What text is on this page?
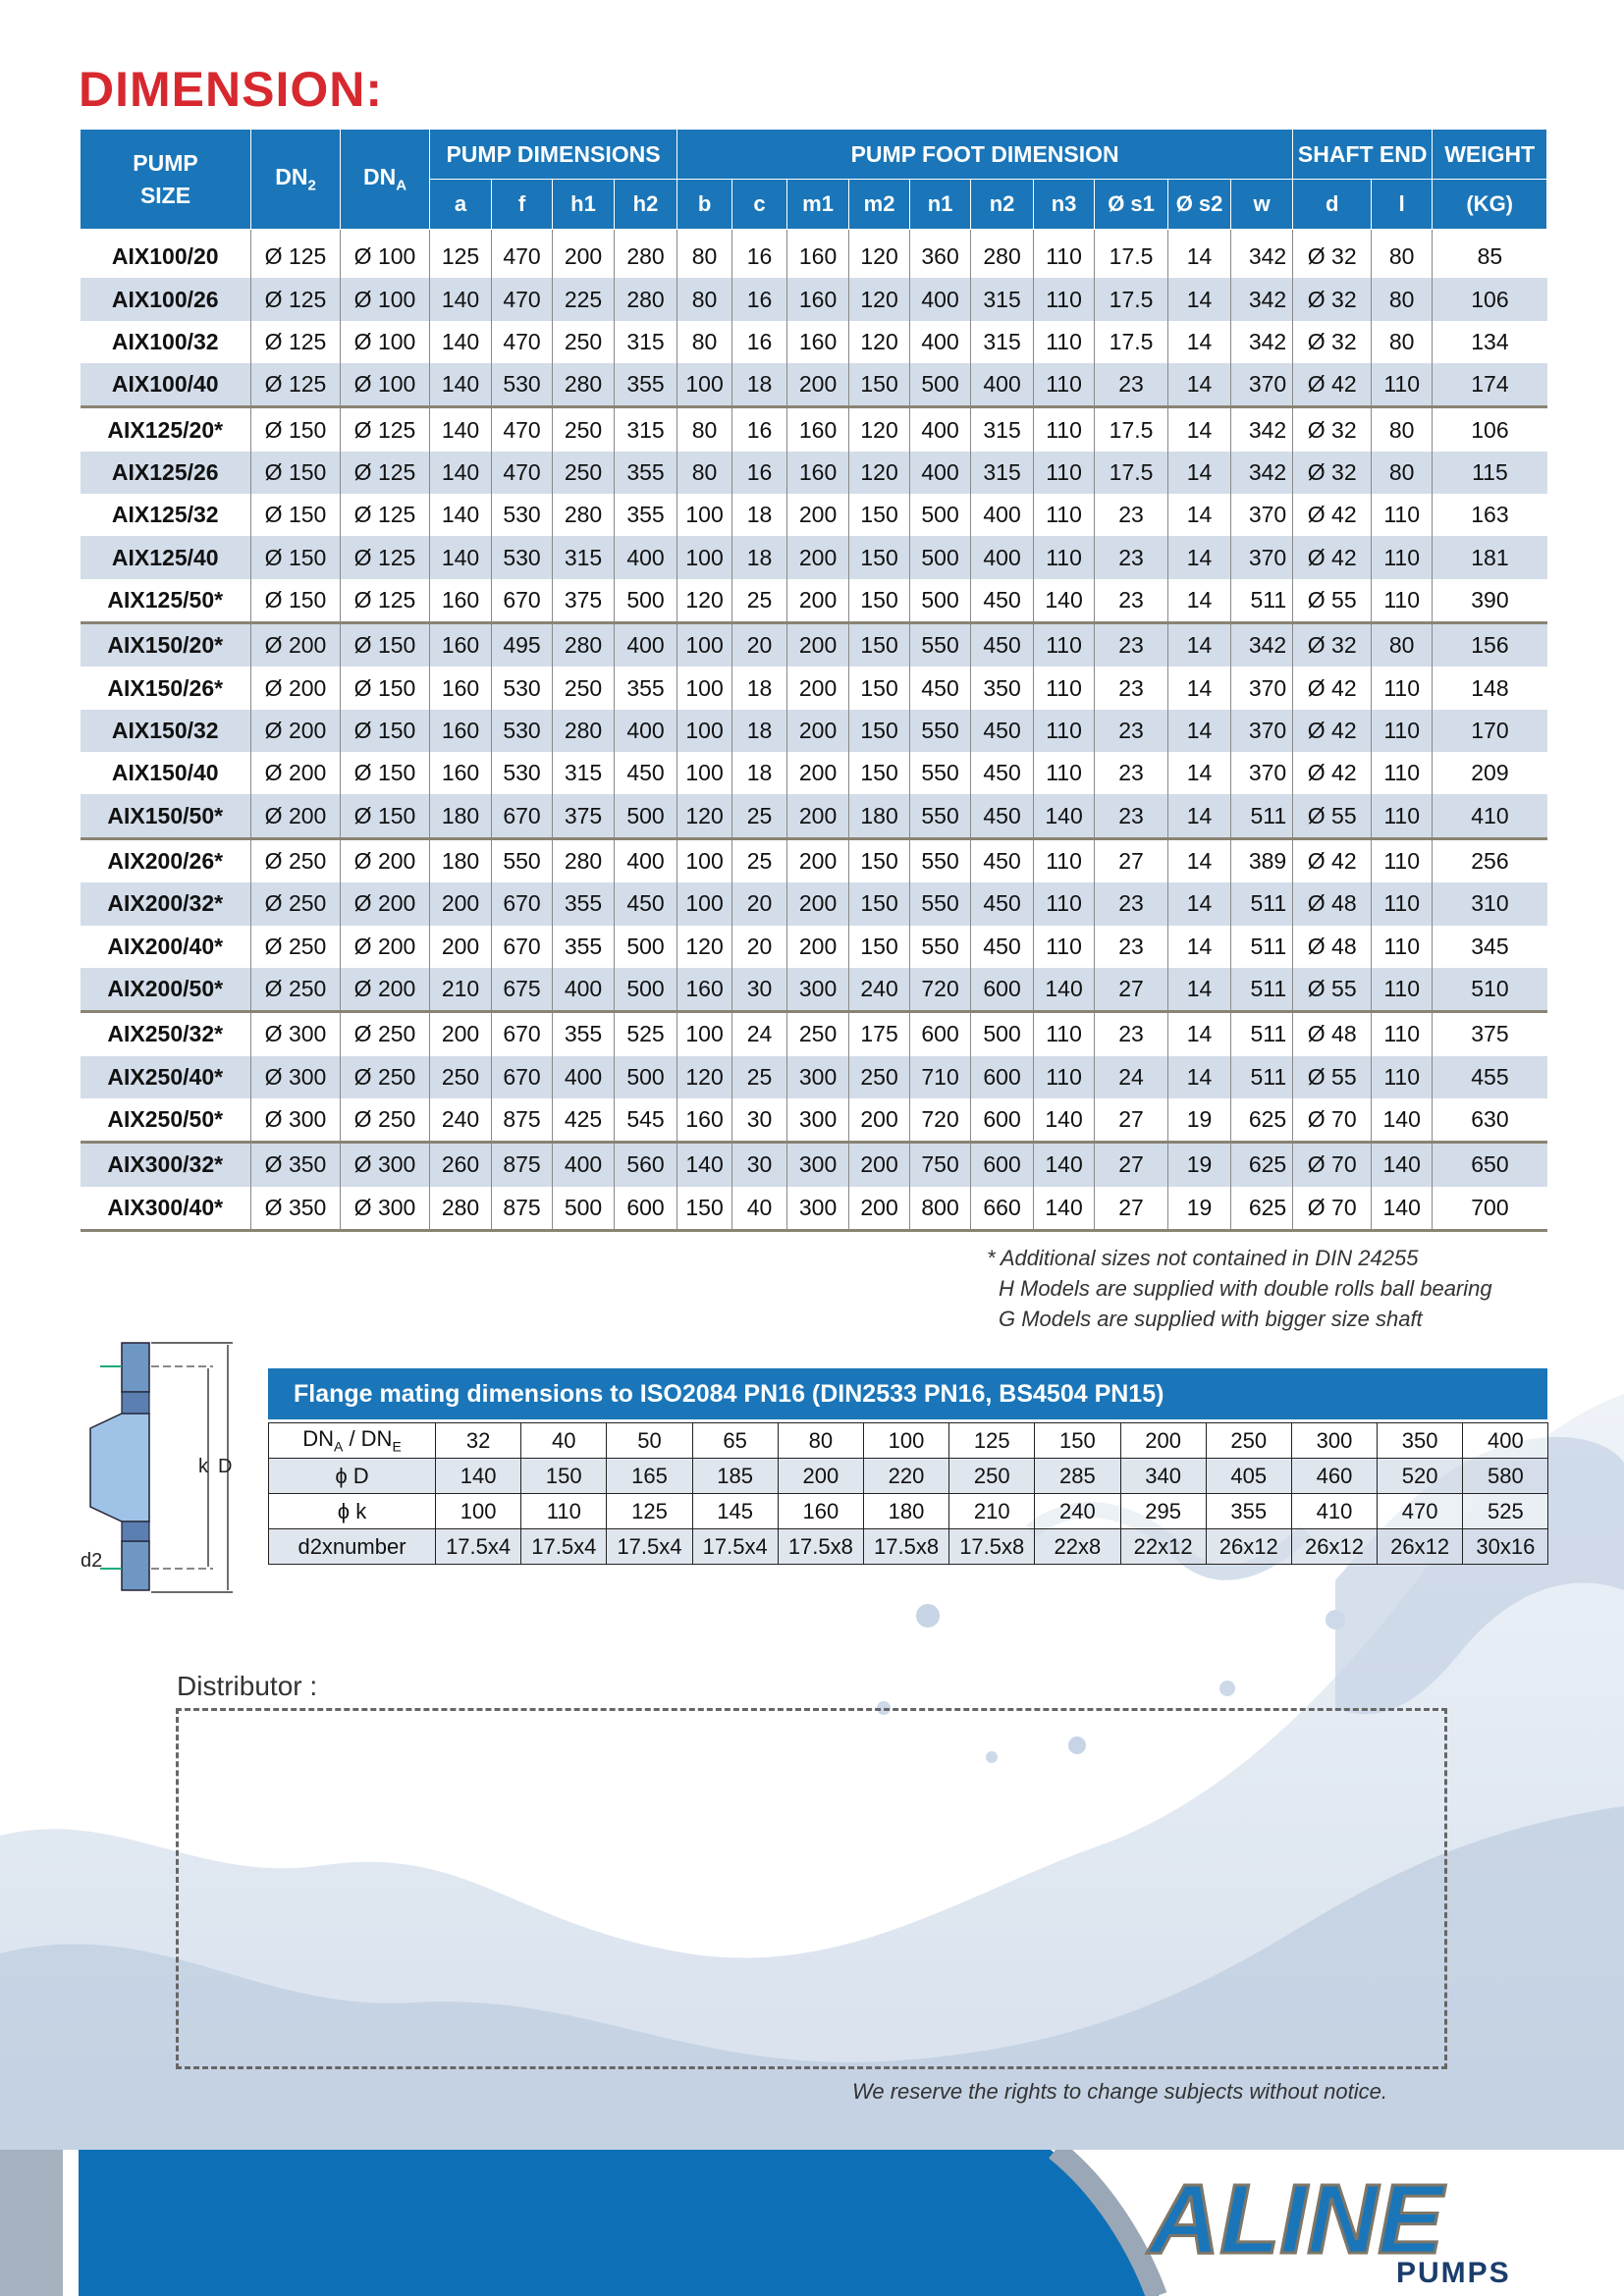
DIMENSION:
PUMP SIZE	$DN_2$	$DN_A$	PUMP DIMENSIONS				PUMP FOOT DIMENSION										SHAFT END		WEIGHT
			a	f	h1	h2	b	c	m1	m2	n1	n2	n3	Ø s1	Ø s2	w	d	l	(KG)
AIX100/20	Ø 125	Ø 100	125	470	200	280	80	16	160	120	360	280	110	17.5	14	342	Ø 32	80	85
AIX100/26	Ø 125	Ø 100	140	470	225	280	80	16	160	120	400	315	110	17.5	14	342	Ø 32	80	106
AIX100/32	Ø 125	Ø 100	140	470	250	315	80	16	160	120	400	315	110	17.5	14	342	Ø 32	80	134
AIX100/40	Ø 125	Ø 100	140	530	280	355	100	18	200	150	500	400	110	23	14	370	Ø 42	110	174
AIX125/20*	Ø 150	Ø 125	140	470	250	315	80	16	160	120	400	315	110	17.5	14	342	Ø 32	80	106
AIX125/26	Ø 150	Ø 125	140	470	250	355	80	16	160	120	400	315	110	17.5	14	342	Ø 32	80	115
AIX125/32	Ø 150	Ø 125	140	530	280	355	100	18	200	150	500	400	110	23	14	370	Ø 42	110	163
AIX125/40	Ø 150	Ø 125	140	530	315	400	100	18	200	150	500	400	110	23	14	370	Ø 42	110	181
AIX125/50*	Ø 150	Ø 125	160	670	375	500	120	25	200	150	500	450	140	23	14	511	Ø 55	110	390
AIX150/20*	Ø 200	Ø 150	160	495	280	400	100	20	200	150	550	450	110	23	14	342	Ø 32	80	156
AIX150/26*	Ø 200	Ø 150	160	530	250	355	100	18	200	150	450	350	110	23	14	370	Ø 42	110	148
AIX150/32	Ø 200	Ø 150	160	530	280	400	100	18	200	150	550	450	110	23	14	370	Ø 42	110	170
AIX150/40	Ø 200	Ø 150	160	530	315	450	100	18	200	150	550	450	110	23	14	370	Ø 42	110	209
AIX150/50*	Ø 200	Ø 150	180	670	375	500	120	25	200	180	550	450	140	23	14	511	Ø 55	110	410
AIX200/26*	Ø 250	Ø 200	180	550	280	400	100	25	200	150	550	450	110	27	14	389	Ø 42	110	256
AIX200/32*	Ø 250	Ø 200	200	670	355	450	100	20	200	150	550	450	110	23	14	511	Ø 48	110	310
AIX200/40*	Ø 250	Ø 200	200	670	355	500	120	20	200	150	550	450	110	23	14	511	Ø 48	110	345
AIX200/50*	Ø 250	Ø 200	210	675	400	500	160	30	300	240	720	600	140	27	14	511	Ø 55	110	510
AIX250/32*	Ø 300	Ø 250	200	670	355	525	100	24	250	175	600	500	110	23	14	511	Ø 48	110	375
AIX250/40*	Ø 300	Ø 250	250	670	400	500	120	25	300	250	710	600	110	24	14	511	Ø 55	110	455
AIX250/50*	Ø 300	Ø 250	240	875	425	545	160	30	300	200	720	600	140	27	19	625	Ø 70	140	630
AIX300/32*	Ø 350	Ø 300	260	875	400	560	140	30	300	200	750	600	140	27	19	625	Ø 70	140	650
AIX300/40*	Ø 350	Ø 300	280	875	500	600	150	40	300	200	800	660	140	27	19	625	Ø 70	140	700
* Additional sizes not contained in DIN 24255
H Models are supplied with double rolls ball bearing
G Models are supplied with bigger size shaft
k D
d2
Flange mating dimensions to ISO2084 PN16 (DIN2533 PN16, BS4504 PN15)
$DN_A / DN_E$	32	40	50	65	80	100	125	150	200	250	300	350	400
ϕ D	140	150	165	185	200	220	250	285	340	405	460	520	580
ϕ k	100	110	125	145	160	180	210	240	295	355	410	470	525
d2xnumber	17.5x4	17.5x4	17.5x4	17.5x4	17.5x8	17.5x8	17.5x8	22x8	22x12	26x12	26x12	26x12	30x16
Distributor :
We reserve the rights to change subjects without notice.
ALINE
PUMPS
